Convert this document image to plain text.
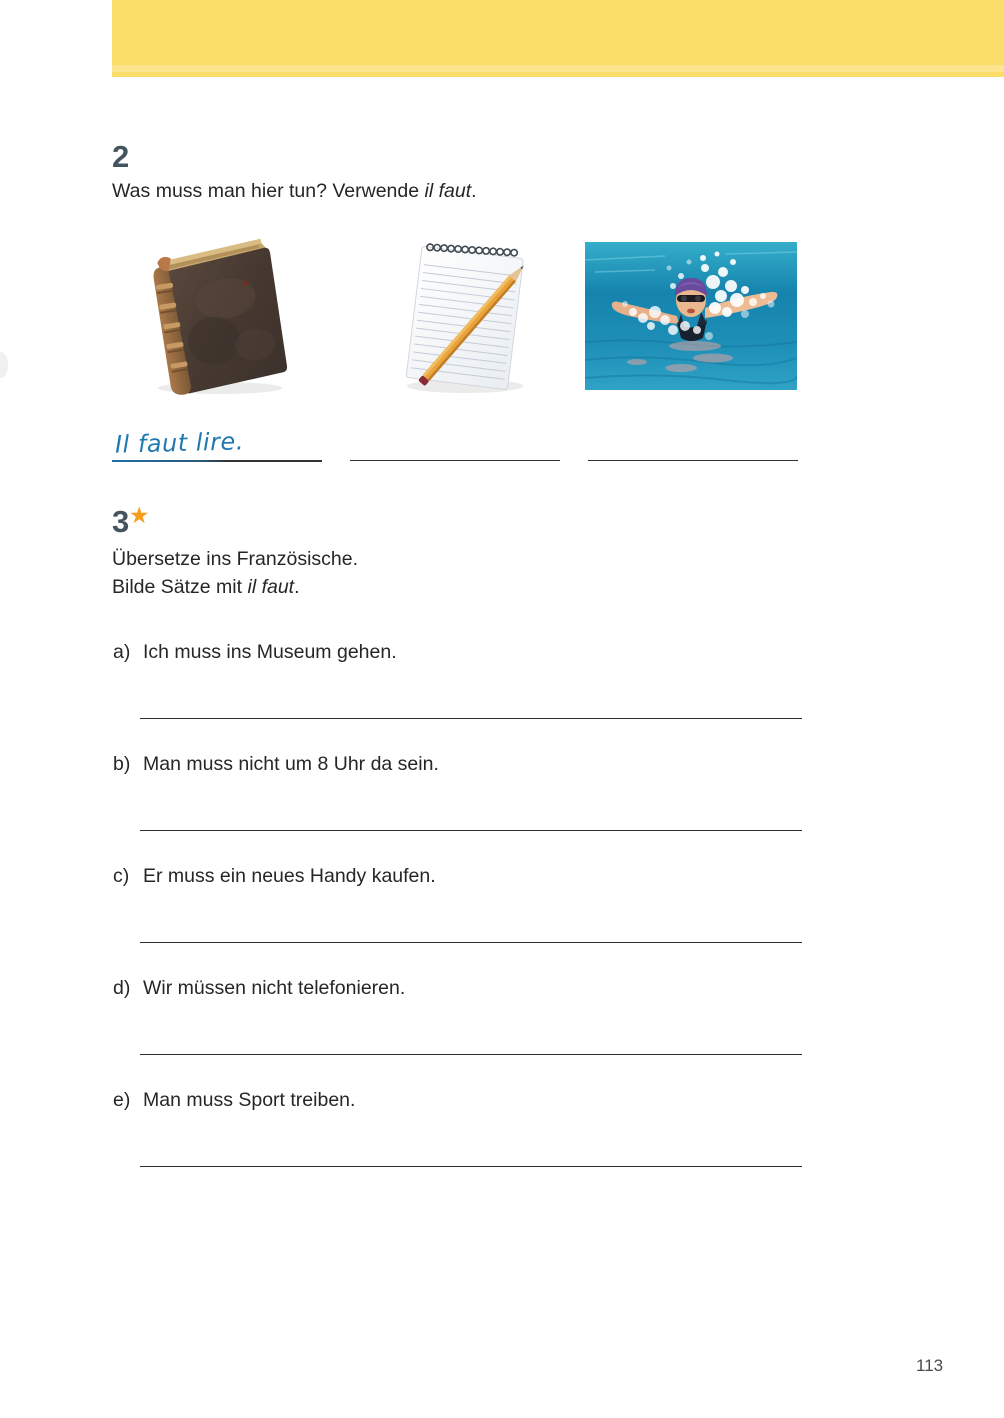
2
Was muss man hier tun? Verwende il faut.
Il faut lire.
3★
Übersetze ins Französische.
Bilde Sätze mit il faut.
a) Ich muss ins Museum gehen.
b) Man muss nicht um 8 Uhr da sein.
c) Er muss ein neues Handy kaufen.
d) Wir müssen nicht telefonieren.
e) Man muss Sport treiben.
113
